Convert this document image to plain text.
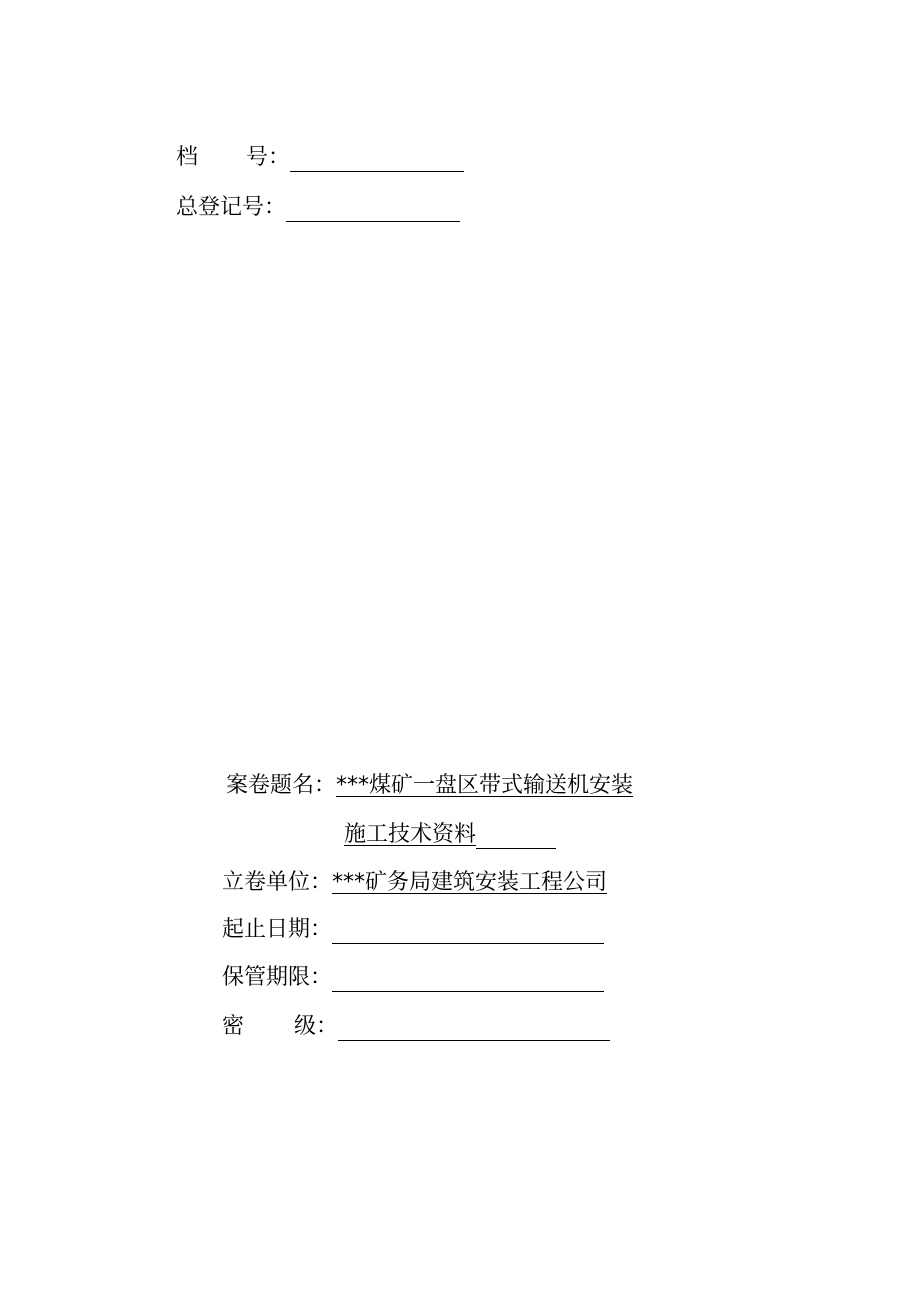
档 号 ：
总登记号 ：
案卷题名 ： ***煤矿一盘区带式输送机安装
施工技术资料
立卷单位 ： ***矿务局建筑安装工程公司
起止日期 ：
保管期限 ：
密 级 ：
